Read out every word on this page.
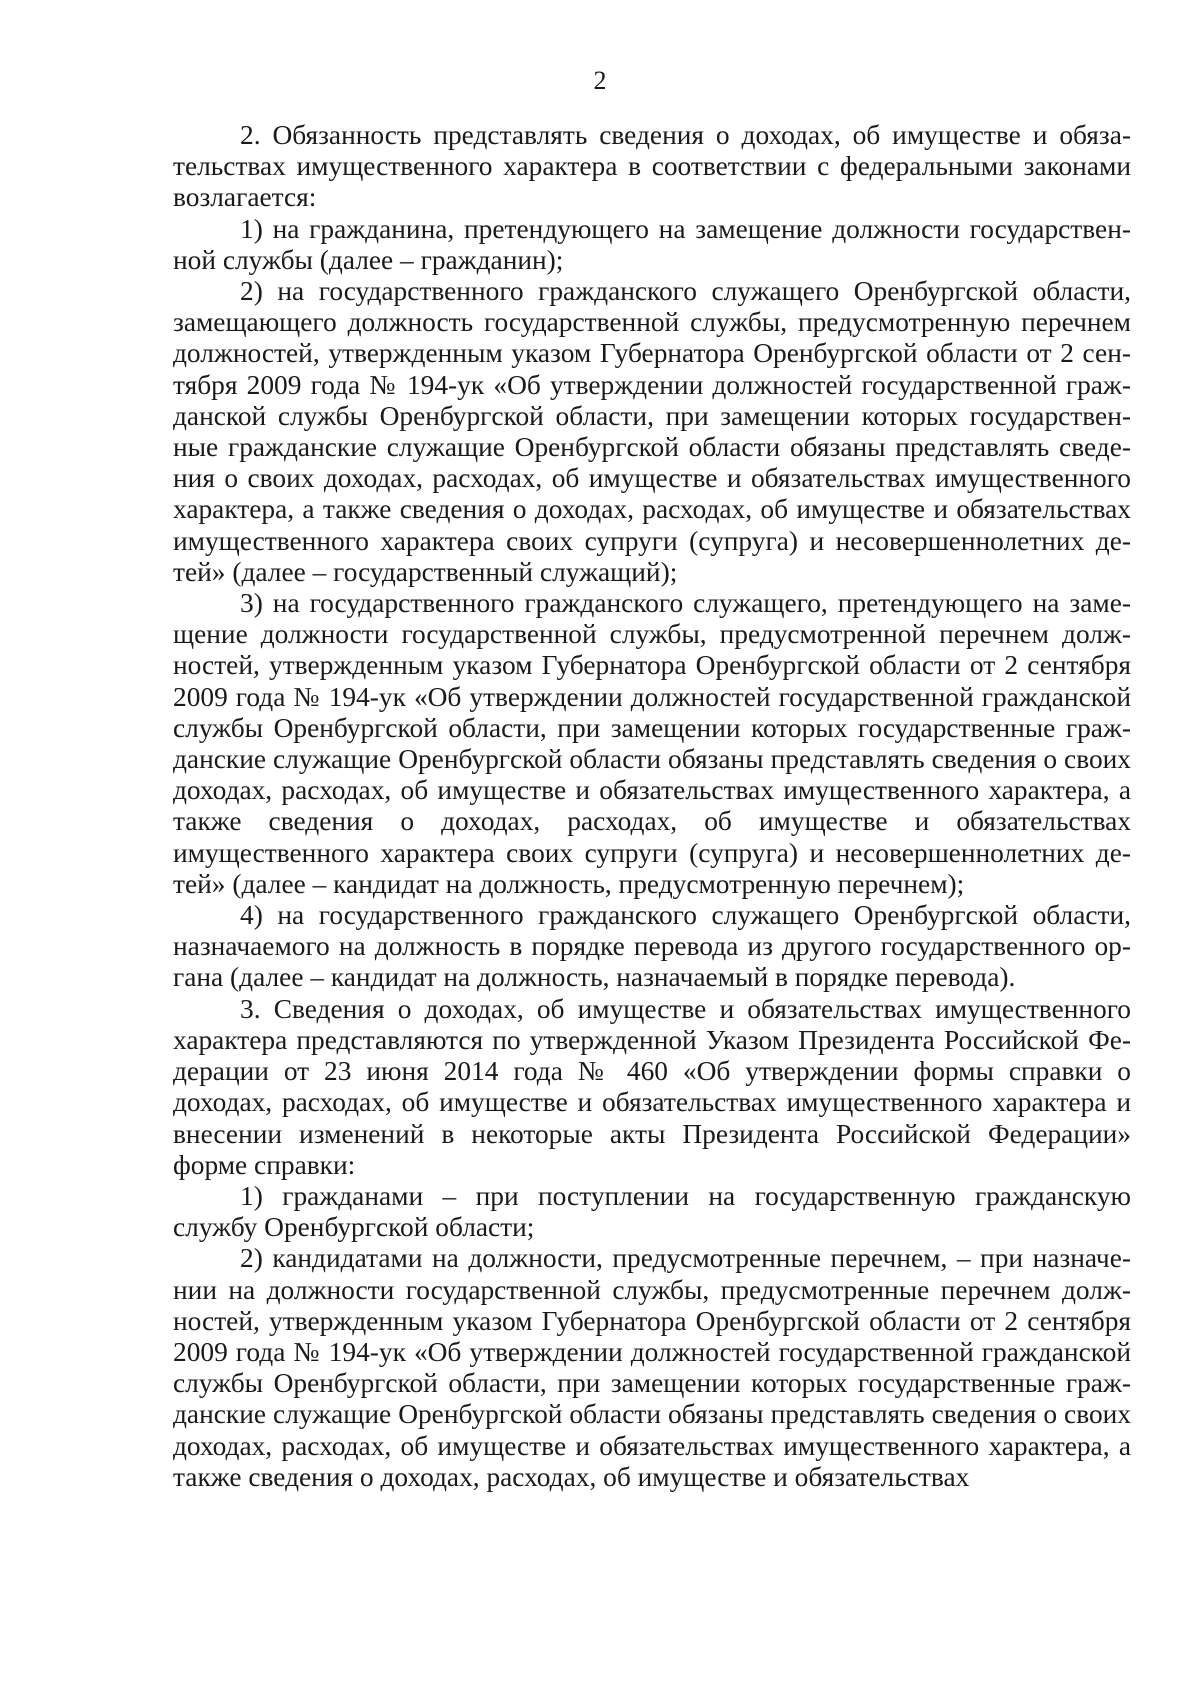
2

2. Обязанность представлять сведения о доходах, об имуществе и обязательствах имущественного характера в соответствии с федеральными законами возлагается:

1) на гражданина, претендующего на замещение должности государственной службы (далее – гражданин);

2) на государственного гражданского служащего Оренбургской области, замещающего должность государственной службы, предусмотренную перечнем должностей, утвержденным указом Губернатора Оренбургской области от 2 сентября 2009 года № 194-ук «Об утверждении должностей государственной гражданской службы Оренбургской области, при замещении которых государственные гражданские служащие Оренбургской области обязаны представлять сведения о своих доходах, расходах, об имуществе и обязательствах имущественного характера, а также сведения о доходах, расходах, об имуществе и обязательствах имущественного характера своих супруги (супруга) и несовершеннолетних детей» (далее – государственный служащий);

3) на государственного гражданского служащего, претендующего на замещение должности государственной службы, предусмотренной перечнем должностей, утвержденным указом Губернатора Оренбургской области от 2 сентября 2009 года № 194-ук «Об утверждении должностей государственной гражданской службы Оренбургской области, при замещении которых государственные гражданские служащие Оренбургской области обязаны представлять сведения о своих доходах, расходах, об имуществе и обязательствах имущественного характера, а также сведения о доходах, расходах, об имуществе и обязательствах имущественного характера своих супруги (супруга) и несовершеннолетних детей» (далее – кандидат на должность, предусмотренную перечнем);

4) на государственного гражданского служащего Оренбургской области, назначаемого на должность в порядке перевода из другого государственного органа (далее – кандидат на должность, назначаемый в порядке перевода).

3. Сведения о доходах, об имуществе и обязательствах имущественного характера представляются по утвержденной Указом Президента Российской Федерации от 23 июня 2014 года № 460 «Об утверждении формы справки о доходах, расходах, об имуществе и обязательствах имущественного характера и внесении изменений в некоторые акты Президента Российской Федерации» форме справки:

1) гражданами – при поступлении на государственную гражданскую службу Оренбургской области;

2) кандидатами на должности, предусмотренные перечнем, – при назначении на должности государственной службы, предусмотренные перечнем должностей, утвержденным указом Губернатора Оренбургской области от 2 сентября 2009 года № 194-ук «Об утверждении должностей государственной гражданской службы Оренбургской области, при замещении которых государственные гражданские служащие Оренбургской области обязаны представлять сведения о своих доходах, расходах, об имуществе и обязательствах имущественного характера, а также сведения о доходах, расходах, об имуществе и обязательствах
